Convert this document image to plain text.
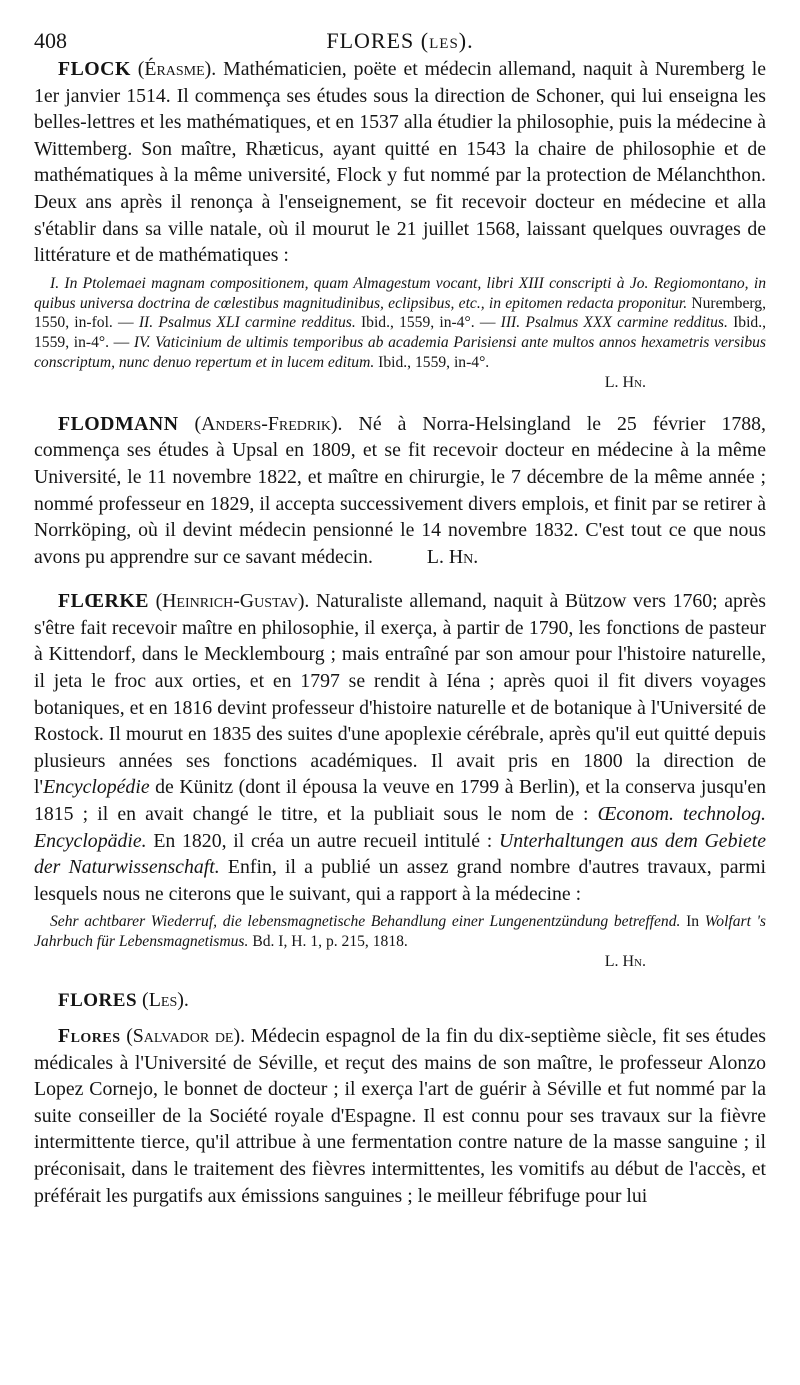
408	FLORES (les).

FLOCK (Érasme). Mathématicien, poëte et médecin allemand, naquit à Nuremberg le 1er janvier 1514. Il commença ses études sous la direction de Schoner, qui lui enseigna les belles-lettres et les mathématiques, et en 1537 alla étudier la philosophie, puis la médecine à Wittemberg. Son maître, Rhæticus, ayant quitté en 1543 la chaire de philosophie et de mathématiques à la même université, Flock y fut nommé par la protection de Mélanchthon. Deux ans après il renonça à l'enseignement, se fit recevoir docteur en médecine et alla s'établir dans sa ville natale, où il mourut le 21 juillet 1568, laissant quelques ouvrages de littérature et de mathématiques :

I. In Ptolemaei magnam compositionem, quam Almagestum vocant, libri XIII conscripti à Jo. Regiomontano, in quibus universa doctrina de cœlestibus magnitudinibus, eclipsibus, etc., in epitomen redacta proponitur. Nuremberg, 1550, in-fol. — II. Psalmus XLI carmine redditus. Ibid., 1559, in-4°. — III. Psalmus XXX carmine redditus. Ibid., 1559, in-4°. — IV. Vaticinium de ultimis temporibus ab academia Parisiensi ante multos annos hexametris versibus conscriptum, nunc denuo repertum et in lucem editum. Ibid., 1559, in-4°.

L. Hn.

FLODMANN (Anders-Fredrik). Né à Norra-Helsingland le 25 février 1788, commença ses études à Upsal en 1809, et se fit recevoir docteur en médecine à la même Université, le 11 novembre 1822, et maître en chirurgie, le 7 décembre de la même année ; nommé professeur en 1829, il accepta successivement divers emplois, et finit par se retirer à Norrköping, où il devint médecin pensionné le 14 novembre 1832. C'est tout ce que nous avons pu apprendre sur ce savant médecin.	L. Hn.

FLŒRKE (Heinrich-Gustav). Naturaliste allemand, naquit à Bützow vers 1760; après s'être fait recevoir maître en philosophie, il exerça, à partir de 1790, les fonctions de pasteur à Kittendorf, dans le Mecklembourg ; mais entraîné par son amour pour l'histoire naturelle, il jeta le froc aux orties, et en 1797 se rendit à Iéna ; après quoi il fit divers voyages botaniques, et en 1816 devint professeur d'histoire naturelle et de botanique à l'Université de Rostock. Il mourut en 1835 des suites d'une apoplexie cérébrale, après qu'il eut quitté depuis plusieurs années ses fonctions académiques. Il avait pris en 1800 la direction de l'Encyclopédie de Künitz (dont il épousa la veuve en 1799 à Berlin), et la conserva jusqu'en 1815 ; il en avait changé le titre, et la publiait sous le nom de : Œconom. technolog. Encyclopädie. En 1820, il créa un autre recueil intitulé : Unterhaltungen aus dem Gebiete der Naturwissenschaft. Enfin, il a publié un assez grand nombre d'autres travaux, parmi lesquels nous ne citerons que le suivant, qui a rapport à la médecine :

Sehr achtbarer Wiederruf, die lebensmagnetische Behandlung einer Lungenentzündung betreffend. In Wolfart 's Jahrbuch für Lebensmagnetismus. Bd. I, H. 1, p. 215, 1818.

L. Hn.
FLORES (Les).

Flores (Salvador de). Médecin espagnol de la fin du dix-septième siècle, fit ses études médicales à l'Université de Séville, et reçut des mains de son maître, le professeur Alonzo Lopez Cornejo, le bonnet de docteur ; il exerça l'art de guérir à Séville et fut nommé par la suite conseiller de la Société royale d'Espagne. Il est connu pour ses travaux sur la fièvre intermittente tierce, qu'il attribue à une fermentation contre nature de la masse sanguine ; il préconisait, dans le traitement des fièvres intermittentes, les vomitifs au début de l'accès, et préférait les purgatifs aux émissions sanguines ; le meilleur fébrifuge pour lui
